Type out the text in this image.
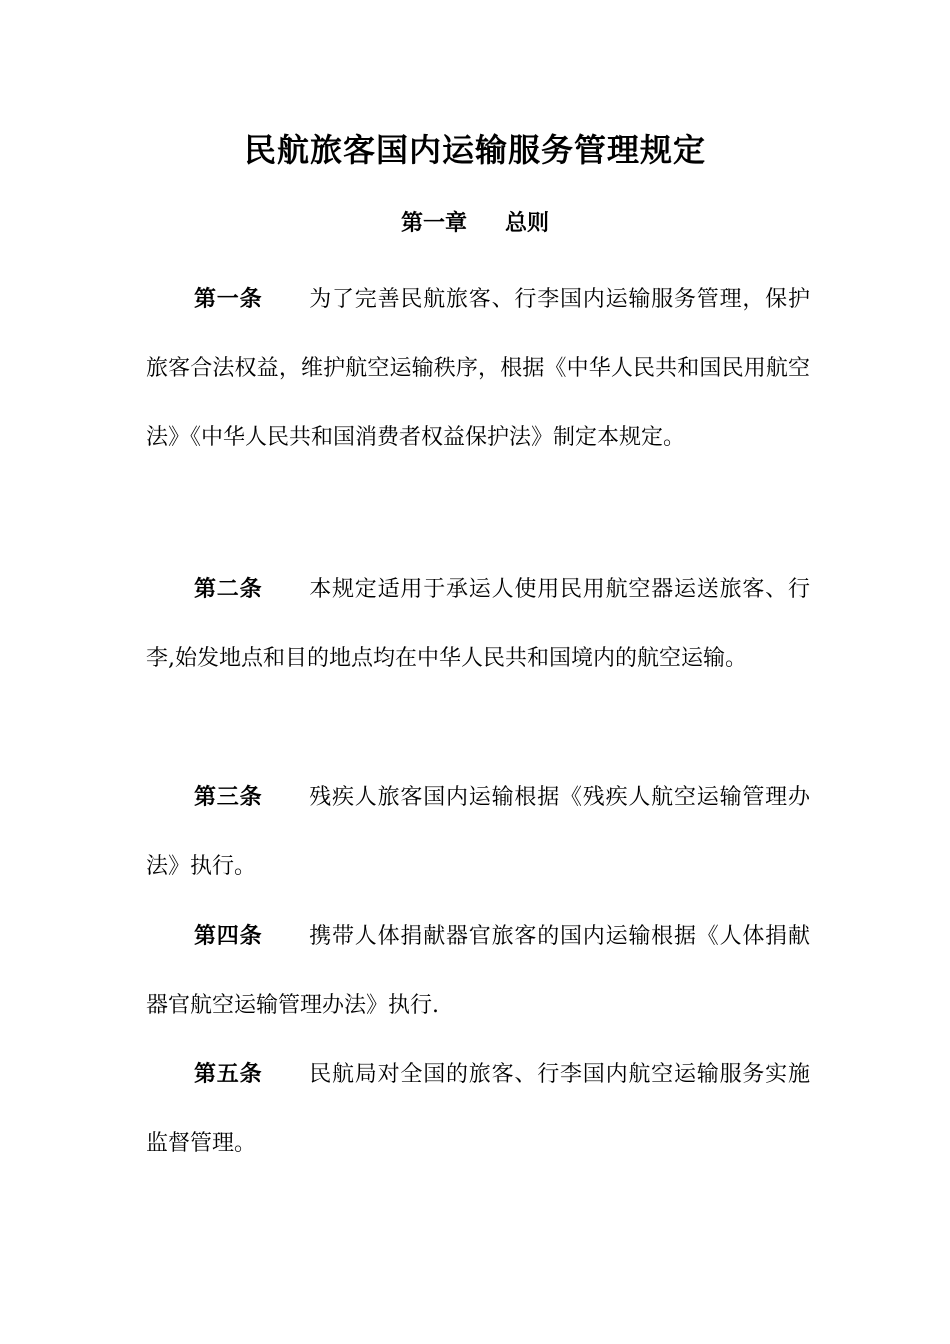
民航旅客国内运输服务管理规定
第一章 总则
第一条 为了完善民航旅客、行李国内运输服务管理，保护旅客合法权益，维护航空运输秩序，根据《中华人民共和国民用航空法》《中华人民共和国消费者权益保护法》制定本规定。
第二条 本规定适用于承运人使用民用航空器运送旅客、行李,始发地点和目的地点均在中华人民共和国境内的航空运输。
第三条 残疾人旅客国内运输根据《残疾人航空运输管理办法》执行。
第四条 携带人体捐献器官旅客的国内运输根据《人体捐献器官航空运输管理办法》执行.
第五条 民航局对全国的旅客、行李国内航空运输服务实施监督管理。
